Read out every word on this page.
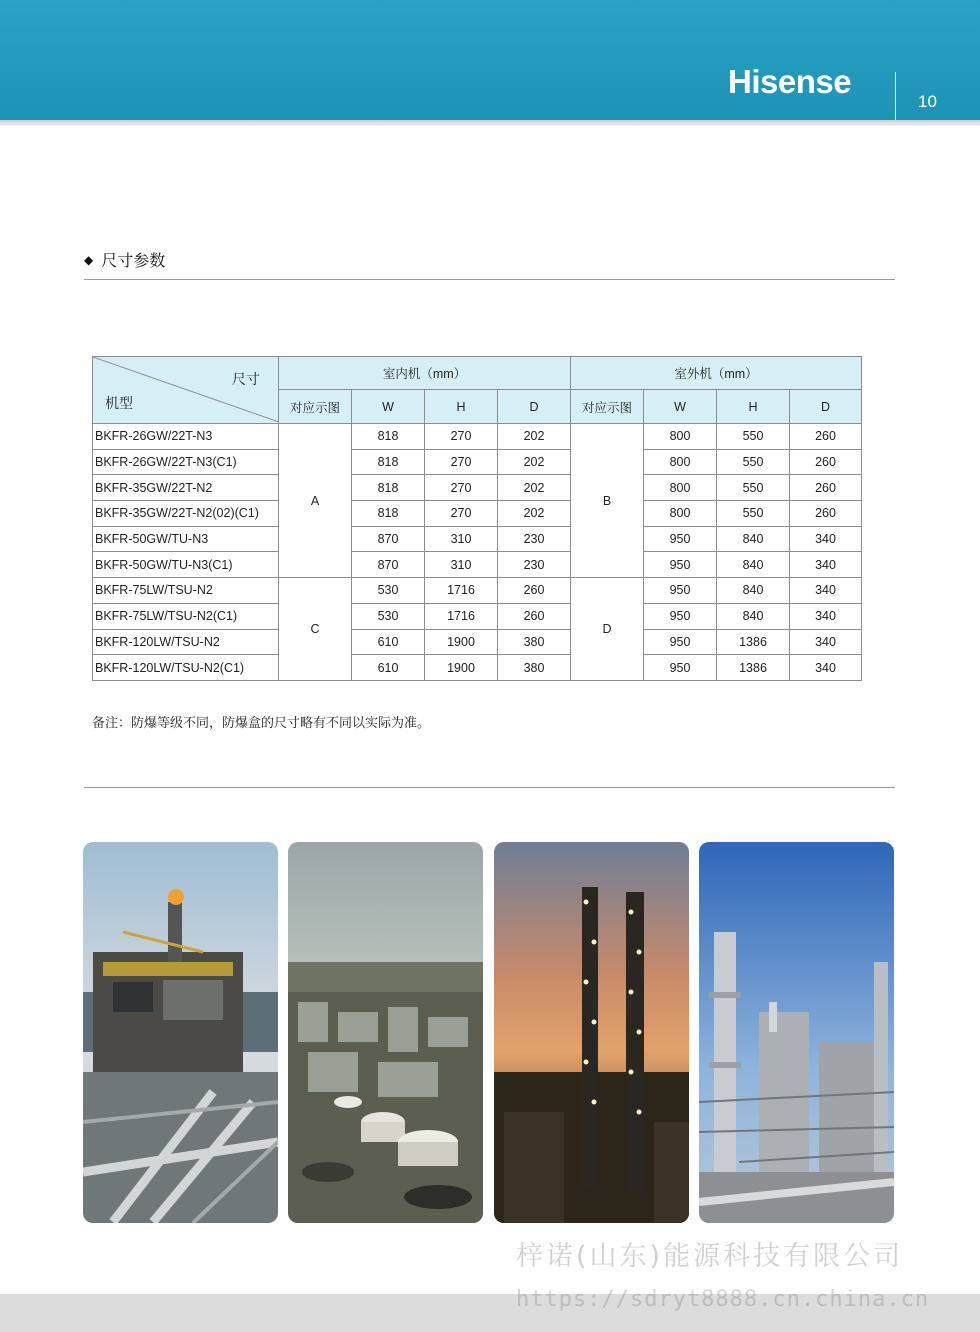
Hisense
10
◆ 尺寸参数
尺寸
机型	室内机（mm）				室外机（mm）			
	对应示图	W	H	D	对应示图	W	H	D
BKFR-26GW/22T-N3	A	818	270	202	B	800	550	260
BKFR-26GW/22T-N3(C1)		818	270	202		800	550	260
BKFR-35GW/22T-N2		818	270	202		800	550	260
BKFR-35GW/22T-N2(02)(C1)		818	270	202		800	550	260
BKFR-50GW/TU-N3		870	310	230		950	840	340
BKFR-50GW/TU-N3(C1)		870	310	230		950	840	340
BKFR-75LW/TSU-N2	C	530	1716	260	D	950	840	340
BKFR-75LW/TSU-N2(C1)		530	1716	260		950	840	340
BKFR-120LW/TSU-N2		610	1900	380		950	1386	340
BKFR-120LW/TSU-N2(C1)		610	1900	380		950	1386	340
备注：防爆等级不同，防爆盒的尺寸略有不同以实际为准。
梓诺(山东)能源科技有限公司
https://sdryt8888.cn.china.cn
